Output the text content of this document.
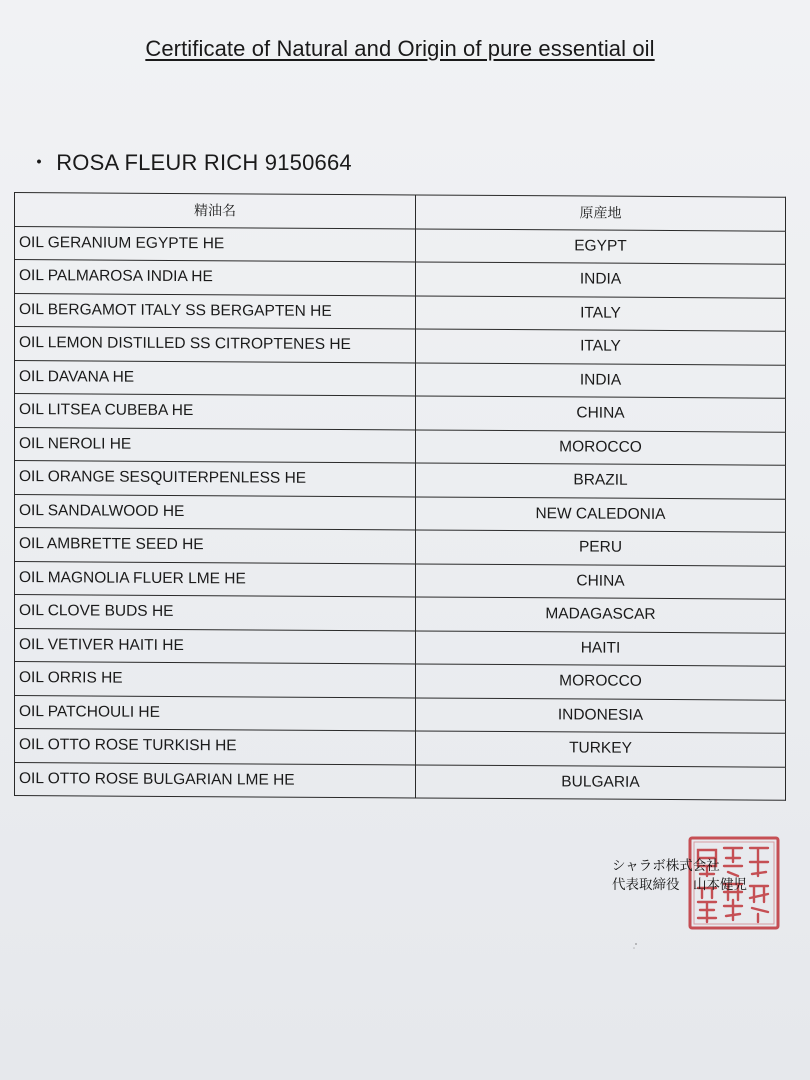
Certificate of Natural and Origin of pure essential oil
・ ROSA FLEUR RICH 9150664
精油名	原産地
OIL GERANIUM EGYPTE HE	EGYPT
OIL PALMAROSA INDIA HE	INDIA
OIL BERGAMOT ITALY SS BERGAPTEN HE	ITALY
OIL LEMON DISTILLED SS CITROPTENES HE	ITALY
OIL DAVANA HE	INDIA
OIL LITSEA CUBEBA HE	CHINA
OIL NEROLI HE	MOROCCO
OIL ORANGE SESQUITERPENLESS HE	BRAZIL
OIL SANDALWOOD HE	NEW CALEDONIA
OIL AMBRETTE SEED HE	PERU
OIL MAGNOLIA FLUER LME HE	CHINA
OIL CLOVE BUDS HE	MADAGASCAR
OIL VETIVER HAITI HE	HAITI
OIL ORRIS HE	MOROCCO
OIL PATCHOULI HE	INDONESIA
OIL OTTO ROSE TURKISH HE	TURKEY
OIL OTTO ROSE BULGARIAN LME HE	BULGARIA
シャラボ株式会社
代表取締役　山本健児
